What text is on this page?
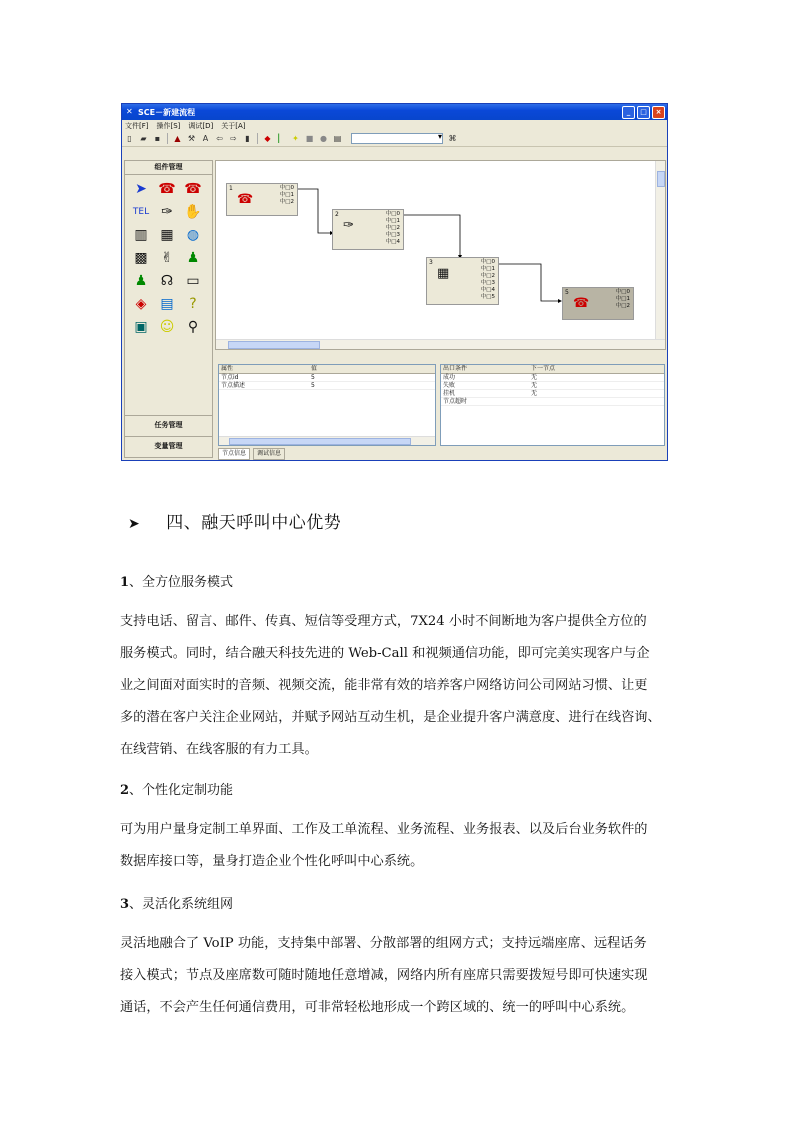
✕ SCE－新建流程	_	□	×
文件[F] 操作[S] 调试[D] 关于[A]
▯ ▰ ▪ ▲ ⚒ A ⇦ ⇨ ▮ ◆ ▏ ✦ ■ ● ▤
▾	⌘
组件管理
➤ ☎ ☎
TEL ✑ ✋
▥ ▦ ◍
▩ ✌ ♟
♟ ☊ ▭
◈ ▤	?
▣ ☺ ⚲
任务管理
变量管理
1
☎
中□0
中□1
中□2
2
✑
中□0
中□1
中□2
中□3
中□4
3
▦
中□0
中□1
中□2
中□3
中□4
中□5
5
☎
中□0
中□1
中□2
属性	值
节点id	5
节点描述	5
出口条件	下一节点
成功	无
失败	无
挂机	无
节点超时
节点信息	调试信息
➤ 四、融天呼叫中心优势
1、全方位服务模式
支持电话、留言、邮件、传真、短信等受理方式，7X24 小时不间断地为客户提供全方位的
服务模式。同时，结合融天科技先进的 Web-Call 和视频通信功能，即可完美实现客户与企
业之间面对面实时的音频、视频交流，能非常有效的培养客户网络访问公司网站习惯、让更
多的潜在客户关注企业网站，并赋予网站互动生机，是企业提升客户满意度、进行在线咨询、
在线营销、在线客服的有力工具。
2、个性化定制功能
可为用户量身定制工单界面、工作及工单流程、业务流程、业务报表、以及后台业务软件的
数据库接口等，量身打造企业个性化呼叫中心系统。
3、灵活化系统组网
灵活地融合了 VoIP 功能，支持集中部署、分散部署的组网方式；支持远端座席、远程话务
接入模式；节点及座席数可随时随地任意增减，网络内所有座席只需要拨短号即可快速实现
通话，不会产生任何通信费用，可非常轻松地形成一个跨区域的、统一的呼叫中心系统。
